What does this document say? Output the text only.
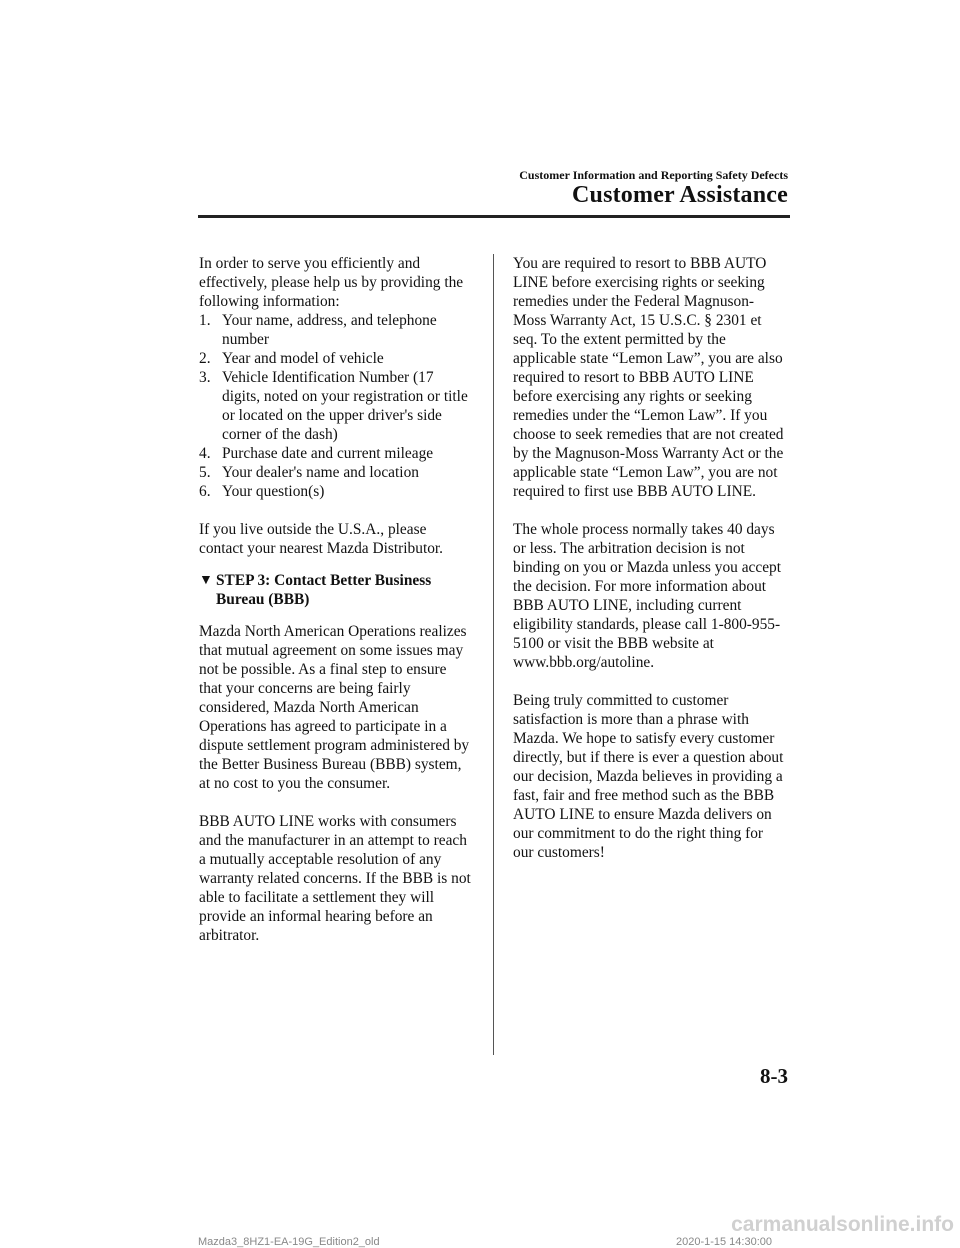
Customer Information and Reporting Safety Defects
Customer Assistance

In order to serve you efficiently and effectively, please help us by providing the following information:

1. Your name, address, and telephone number
2. Year and model of vehicle
3. Vehicle Identification Number (17 digits, noted on your registration or title or located on the upper driver's side corner of the dash)
4. Purchase date and current mileage
5. Your dealer's name and location
6. Your question(s)

If you live outside the U.S.A., please contact your nearest Mazda Distributor.

▼ STEP 3: Contact Better Business Bureau (BBB)

Mazda North American Operations realizes that mutual agreement on some issues may not be possible. As a final step to ensure that your concerns are being fairly considered, Mazda North American Operations has agreed to participate in a dispute settlement program administered by the Better Business Bureau (BBB) system, at no cost to you the consumer.

BBB AUTO LINE works with consumers and the manufacturer in an attempt to reach a mutually acceptable resolution of any warranty related concerns. If the BBB is not able to facilitate a settlement they will provide an informal hearing before an arbitrator.

You are required to resort to BBB AUTO LINE before exercising rights or seeking remedies under the Federal Magnuson-Moss Warranty Act, 15 U.S.C. § 2301 et seq. To the extent permitted by the applicable state “Lemon Law”, you are also required to resort to BBB AUTO LINE before exercising any rights or seeking remedies under the “Lemon Law”. If you choose to seek remedies that are not created by the Magnuson-Moss Warranty Act or the applicable state “Lemon Law”, you are not required to first use BBB AUTO LINE.

The whole process normally takes 40 days or less. The arbitration decision is not binding on you or Mazda unless you accept the decision. For more information about BBB AUTO LINE, including current eligibility standards, please call 1-800-955-5100 or visit the BBB website at www.bbb.org/autoline.

Being truly committed to customer satisfaction is more than a phrase with Mazda. We hope to satisfy every customer directly, but if there is ever a question about our decision, Mazda believes in providing a fast, fair and free method such as the BBB AUTO LINE to ensure Mazda delivers on our commitment to do the right thing for our customers!

8-3
Mazda3_8HZ1-EA-19G_Edition2_old	2020-1-15 14:30:00
carmanualsonline.info
